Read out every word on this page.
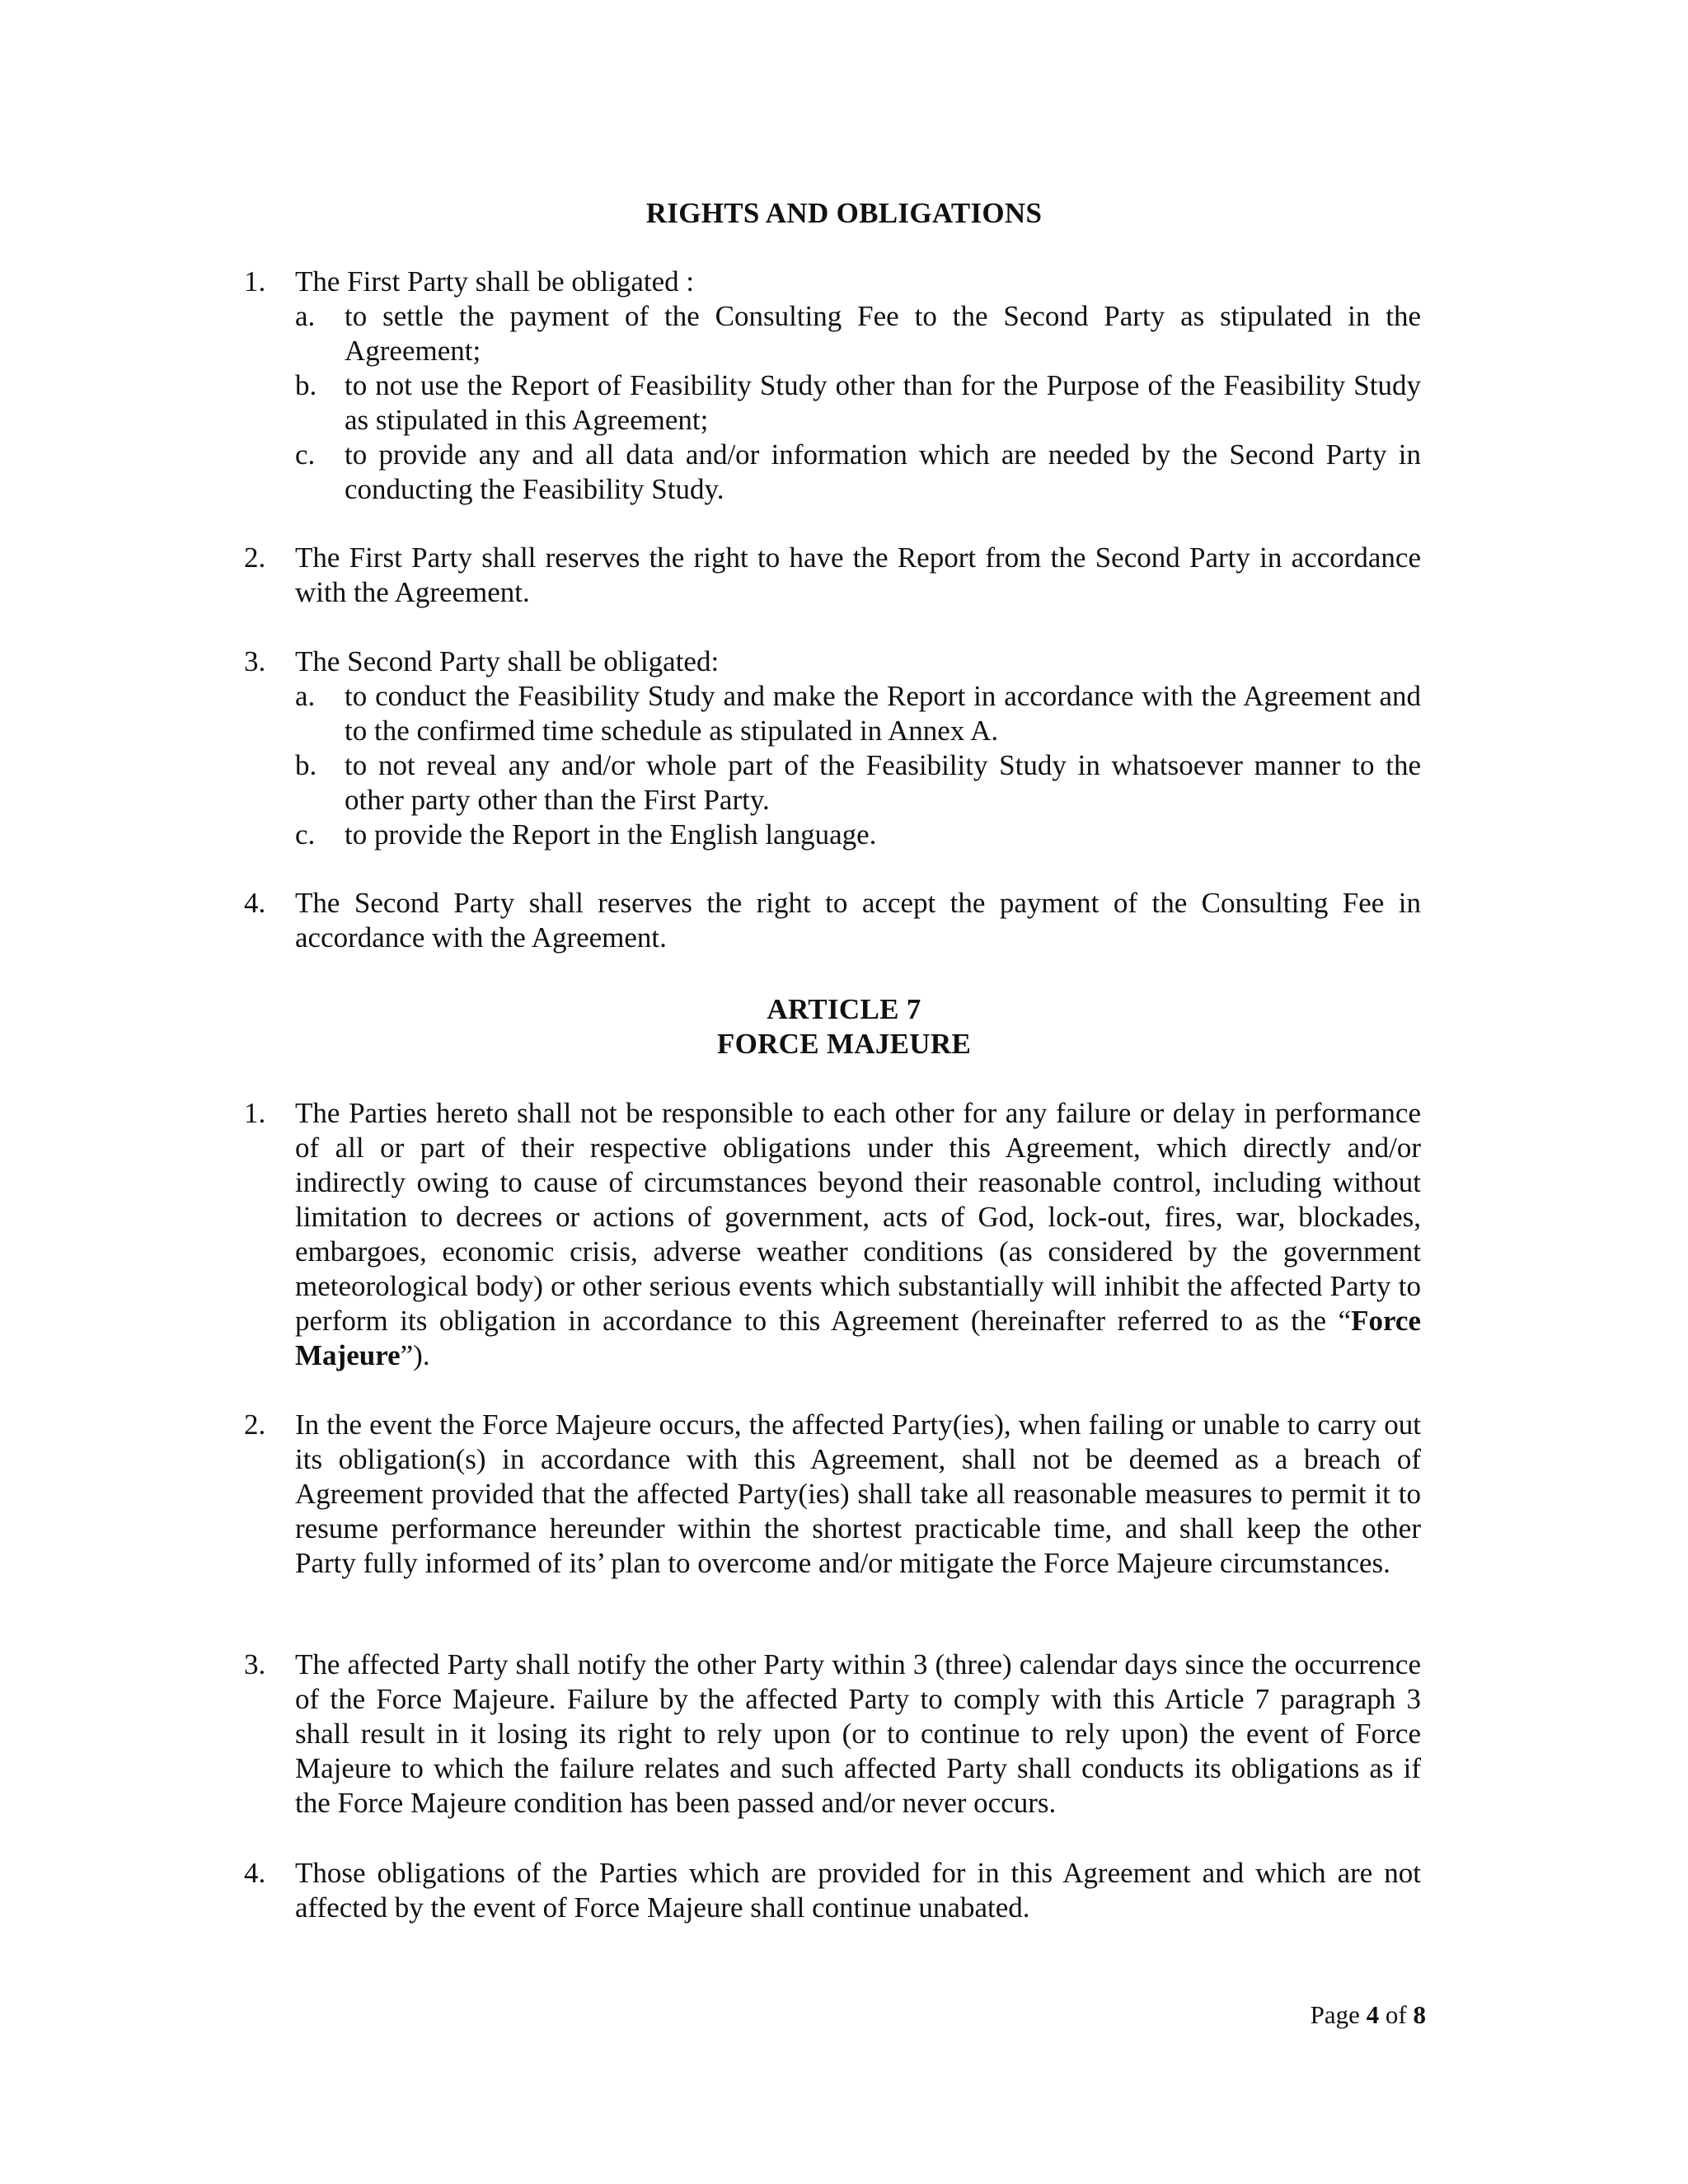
RIGHTS AND OBLIGATIONS
1.	The First Party shall be obligated :
a.	to settle the payment of the Consulting Fee to the Second Party as stipulated in the Agreement;
b. to not use the Report of Feasibility Study other than for the Purpose of the Feasibility Study as stipulated in this Agreement;
c.	to provide any and all data and/or information which are needed by the Second Party in conducting the Feasibility Study.
2.	The First Party shall reserves the right to have the Report from the Second Party in accordance with the Agreement.
3.	The Second Party shall be obligated:
a.	to conduct the Feasibility Study and make the Report in accordance with the Agreement and to the confirmed time schedule as stipulated in Annex A.
b. to not reveal any and/or whole part of the Feasibility Study in whatsoever manner to the other party other than the First Party.
c.	to provide the Report in the English language.
4.	The Second Party shall reserves the right to accept the payment of the Consulting Fee in accordance with the Agreement.
ARTICLE 7
FORCE MAJEURE
1.	The Parties hereto shall not be responsible to each other for any failure or delay in performance of all or part of their respective obligations under this Agreement, which directly and/or indirectly owing to cause of circumstances beyond their reasonable control, including without limitation to decrees or actions of government, acts of God, lock-out, fires, war, blockades, embargoes, economic crisis, adverse weather conditions (as considered by the government meteorological body) or other serious events which substantially will inhibit the affected Party to perform its obligation in accordance to this Agreement (hereinafter referred to as the “Force Majeure”).
2.	In the event the Force Majeure occurs, the affected Party(ies), when failing or unable to carry out its obligation(s) in accordance with this Agreement, shall not be deemed as a breach of Agreement provided that the affected Party(ies) shall take all reasonable measures to permit it to resume performance hereunder within the shortest practicable time, and shall keep the other Party fully informed of its’ plan to overcome and/or mitigate the Force Majeure circumstances.
3.	The affected Party shall notify the other Party within 3 (three) calendar days since the occurrence of the Force Majeure. Failure by the affected Party to comply with this Article 7 paragraph 3 shall result in it losing its right to rely upon (or to continue to rely upon) the event of Force Majeure to which the failure relates and such affected Party shall conducts its obligations as if the Force Majeure condition has been passed and/or never occurs.
4.	Those obligations of the Parties which are provided for in this Agreement and which are not affected by the event of Force Majeure shall continue unabated.
Page 4 of 8
